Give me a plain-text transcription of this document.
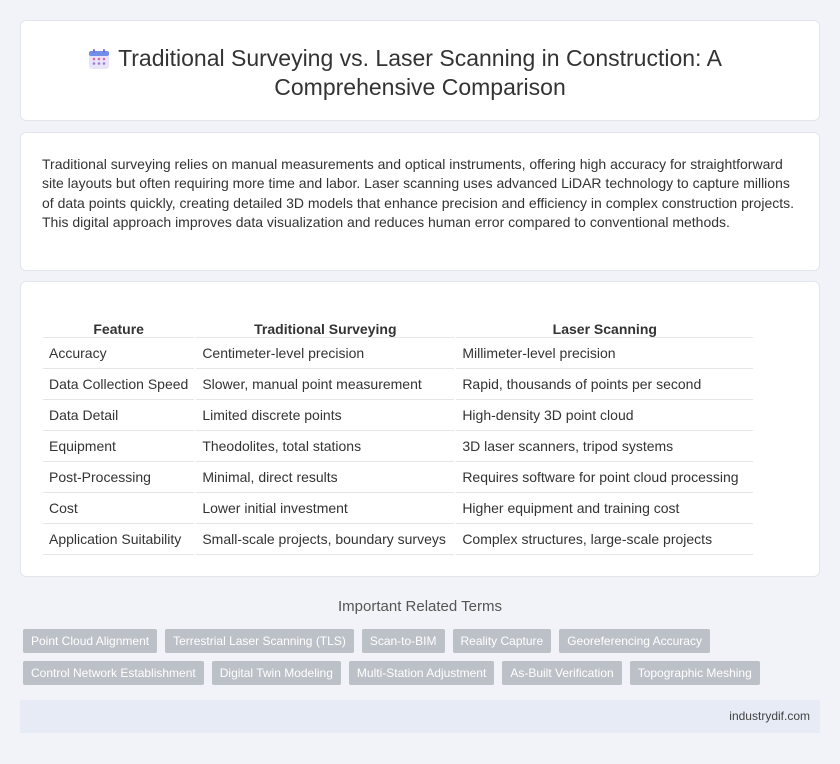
Traditional Surveying vs. Laser Scanning in Construction: A
Comprehensive Comparison

Traditional surveying relies on manual measurements and optical instruments, offering high accuracy for straightforward site layouts but often requiring more time and labor. Laser scanning uses advanced LiDAR technology to capture millions of data points quickly, creating detailed 3D models that enhance precision and efficiency in complex construction projects. This digital approach improves data visualization and reduces human error compared to conventional methods.

Feature	Traditional Surveying	Laser Scanning
Accuracy	Centimeter-level precision	Millimeter-level precision
Data Collection Speed	Slower, manual point measurement	Rapid, thousands of points per second
Data Detail	Limited discrete points	High-density 3D point cloud
Equipment	Theodolites, total stations	3D laser scanners, tripod systems
Post-Processing	Minimal, direct results	Requires software for point cloud processing
Cost	Lower initial investment	Higher equipment and training cost
Application Suitability	Small-scale projects, boundary surveys	Complex structures, large-scale projects
Important Related Terms
Point Cloud Alignment	Terrestrial Laser Scanning (TLS)	Scan-to-BIM	Reality Capture	Georeferencing Accuracy
Control Network Establishment	Digital Twin Modeling	Multi-Station Adjustment	As-Built Verification	Topographic Meshing
industrydif.com
